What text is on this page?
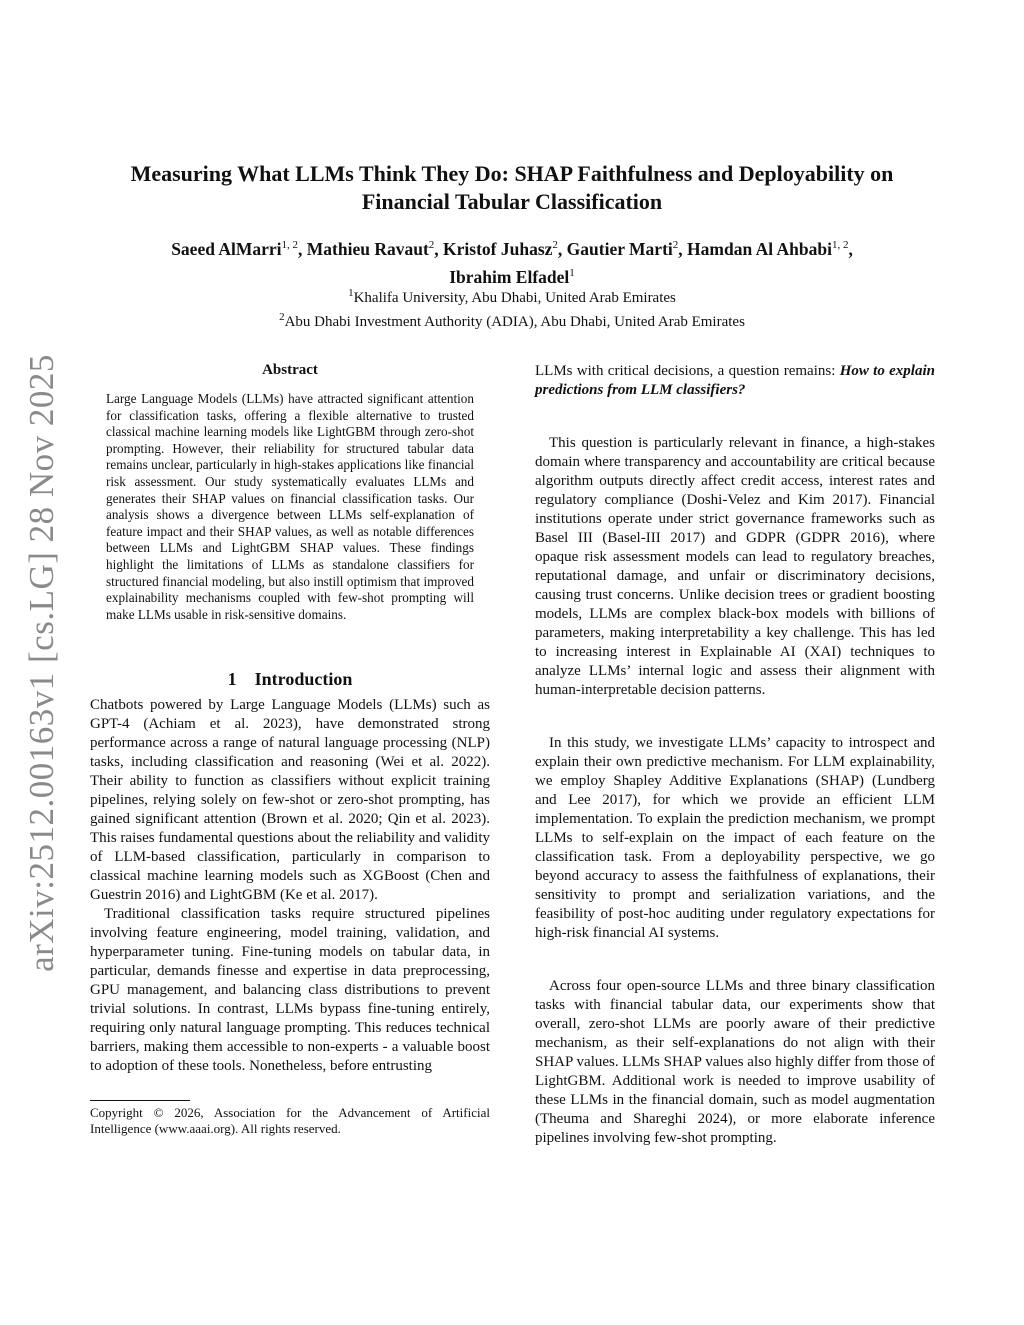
arXiv:2512.00163v1 [cs.LG] 28 Nov 2025
Measuring What LLMs Think They Do: SHAP Faithfulness and Deployability on
Financial Tabular Classification
Saeed AlMarri$^{1, 2}$, Mathieu Ravaut$^2$, Kristof Juhasz$^2$, Gautier Marti$^2$, Hamdan Al Ahbabi$^{1, 2}$,
Ibrahim Elfadel$^1$
$^1$Khalifa University, Abu Dhabi, United Arab Emirates
$^2$Abu Dhabi Investment Authority (ADIA), Abu Dhabi, United Arab Emirates
Abstract

Large Language Models (LLMs) have attracted significant attention for classification tasks, offering a flexible alternative to trusted classical machine learning models like LightGBM through zero-shot prompting. However, their reliability for structured tabular data remains unclear, particularly in high-stakes applications like financial risk assessment. Our study systematically evaluates LLMs and generates their SHAP values on financial classification tasks. Our analysis shows a divergence between LLMs self-explanation of feature impact and their SHAP values, as well as notable differences between LLMs and LightGBM SHAP values. These findings highlight the limitations of LLMs as standalone classifiers for structured financial modeling, but also instill optimism that improved explainability mechanisms coupled with few-shot prompting will make LLMs usable in risk-sensitive domains.

1    Introduction

Chatbots powered by Large Language Models (LLMs) such as GPT-4 (Achiam et al. 2023), have demonstrated strong performance across a range of natural language processing (NLP) tasks, including classification and reasoning (Wei et al. 2022). Their ability to function as classifiers without explicit training pipelines, relying solely on few-shot or zero-shot prompting, has gained significant attention (Brown et al. 2020; Qin et al. 2023). This raises fundamental questions about the reliability and validity of LLM-based classification, particularly in comparison to classical machine learning models such as XGBoost (Chen and Guestrin 2016) and LightGBM (Ke et al. 2017).

Traditional classification tasks require structured pipelines involving feature engineering, model training, validation, and hyperparameter tuning. Fine-tuning models on tabular data, in particular, demands finesse and expertise in data preprocessing, GPU management, and balancing class distributions to prevent trivial solutions. In contrast, LLMs bypass fine-tuning entirely, requiring only natural language prompting. This reduces technical barriers, making them accessible to non-experts - a valuable boost to adoption of these tools. Nonetheless, before entrusting

Copyright © 2026, Association for the Advancement of Artificial Intelligence (www.aaai.org). All rights reserved.

LLMs with critical decisions, a question remains: How to explain predictions from LLM classifiers?

This question is particularly relevant in finance, a high-stakes domain where transparency and accountability are critical because algorithm outputs directly affect credit access, interest rates and regulatory compliance (Doshi-Velez and Kim 2017). Financial institutions operate under strict governance frameworks such as Basel III (Basel-III 2017) and GDPR (GDPR 2016), where opaque risk assessment models can lead to regulatory breaches, reputational damage, and unfair or discriminatory decisions, causing trust concerns. Unlike decision trees or gradient boosting models, LLMs are complex black-box models with billions of parameters, making interpretability a key challenge. This has led to increasing interest in Explainable AI (XAI) techniques to analyze LLMs’ internal logic and assess their alignment with human-interpretable decision patterns.

In this study, we investigate LLMs’ capacity to introspect and explain their own predictive mechanism. For LLM explainability, we employ Shapley Additive Explanations (SHAP) (Lundberg and Lee 2017), for which we provide an efficient LLM implementation. To explain the prediction mechanism, we prompt LLMs to self-explain on the impact of each feature on the classification task. From a deployability perspective, we go beyond accuracy to assess the faithfulness of explanations, their sensitivity to prompt and serialization variations, and the feasibility of post-hoc auditing under regulatory expectations for high-risk financial AI systems.

Across four open-source LLMs and three binary classification tasks with financial tabular data, our experiments show that overall, zero-shot LLMs are poorly aware of their predictive mechanism, as their self-explanations do not align with their SHAP values. LLMs SHAP values also highly differ from those of LightGBM. Additional work is needed to improve usability of these LLMs in the financial domain, such as model augmentation (Theuma and Shareghi 2024), or more elaborate inference pipelines involving few-shot prompting.
